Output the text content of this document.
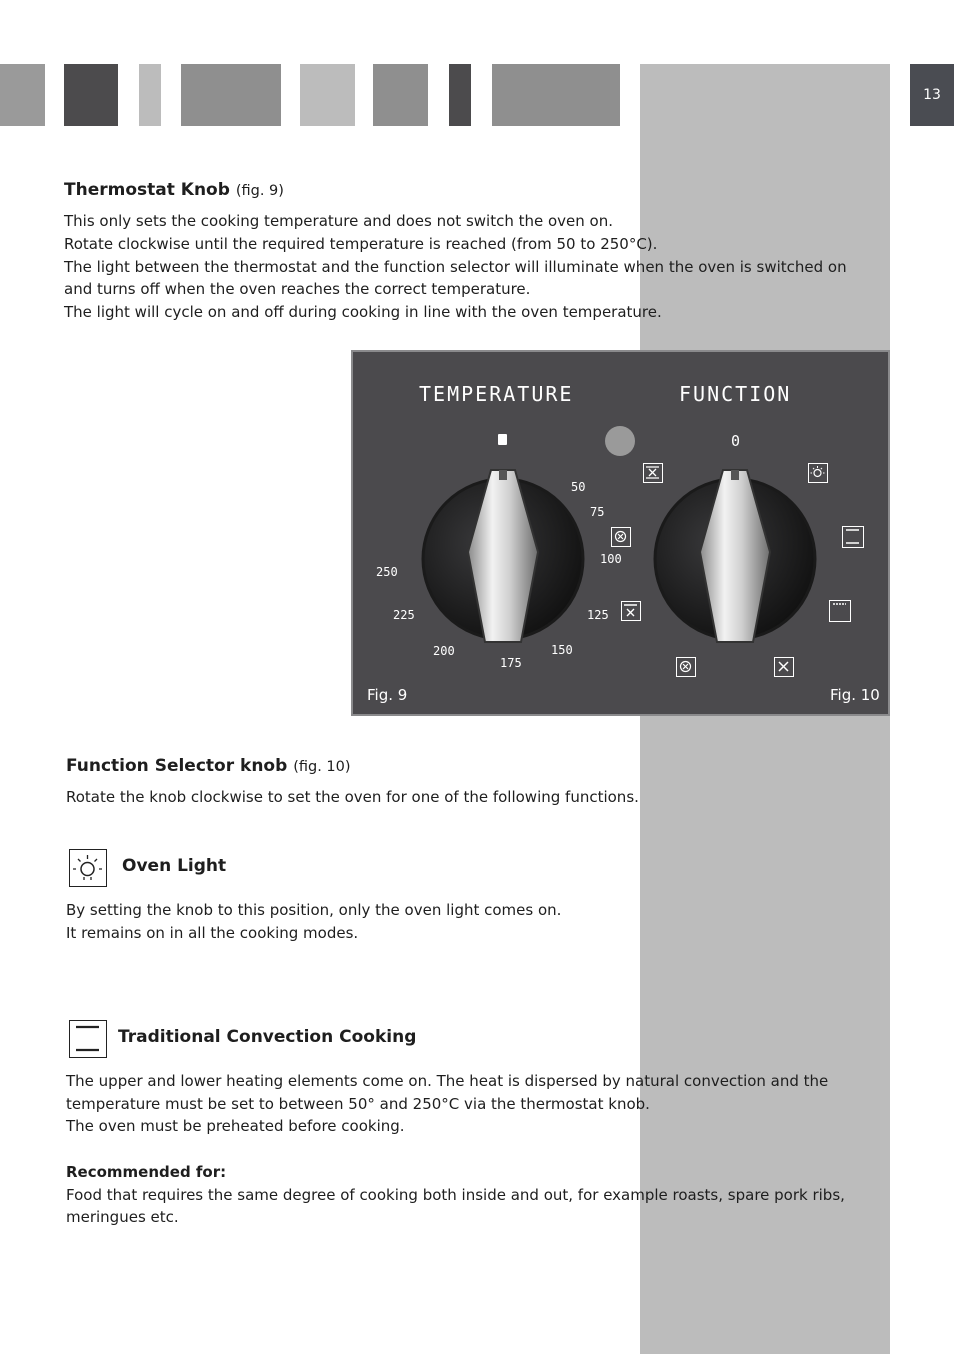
13
Thermostat Knob (fig. 9)
This only sets the cooking temperature and does not switch the oven on.
Rotate clockwise until the required temperature is reached (from 50 to 250°C).
The light between the thermostat and the function selector will illuminate when the oven is switched on
and turns off when the oven reaches the correct temperature.
The light will cycle on and off during cooking in line with the oven temperature.
TEMPERATURE	FUNCTION
0
50
75
100
125
150
175
200
225
250
Fig. 9	Fig. 10
Function Selector knob (fig. 10)
Rotate the knob clockwise to set the oven for one of the following functions.
Oven Light
By setting the knob to this position, only the oven light comes on.
It remains on in all the cooking modes.
Traditional Convection Cooking
The upper and lower heating elements come on. The heat is dispersed by natural convection and the
temperature must be set to between 50° and 250°C via the thermostat knob.
The oven must be preheated before cooking.
Recommended for:
Food that requires the same degree of cooking both inside and out, for example roasts, spare pork ribs,
meringues etc.
